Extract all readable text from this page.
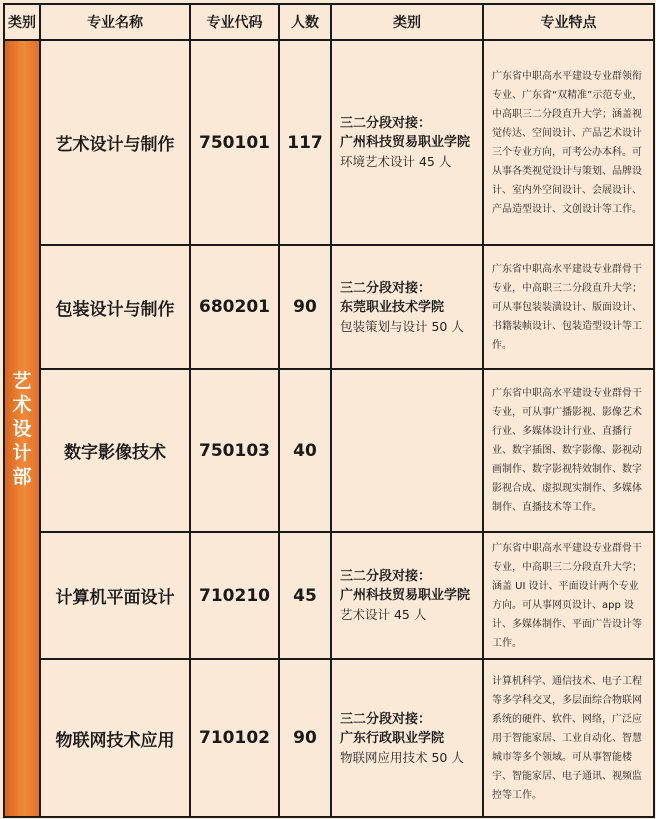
类别	专业名称	专业代码	人数	类别	专业特点

艺术设计部	艺术设计与制作	750101	117	三二分段对接：
广州科技贸易职业学院
环境艺术设计 45 人	广东省中职高水平建设专业群领衔专业、广东省“双精准”示范专业，中高职三二分段直升大学；涵盖视觉传达、空间设计、产品艺术设计三个专业方向，可考公办本科。可从事各类视觉设计与策划、品牌设计、室内外空间设计、会展设计、产品造型设计、文创设计等工作。
	包装设计与制作	680201	90	三二分段对接：
东莞职业技术学院
包装策划与设计 50 人	广东省中职高水平建设专业群骨干专业，中高职三二分段直升大学；可从事包装装潢设计、版面设计、书籍装帧设计、包装造型设计等工作。
	数字影像技术	750103	40		广东省中职高水平建设专业群骨干专业，可从事广播影视、影像艺术行业、多媒体设计行业、直播行业、数字插图、数字影像、影视动画制作、数字影视特效制作、数字影视合成、虚拟现实制作、多媒体制作、直播技术等工作。
	计算机平面设计	710210	45	三二分段对接：
广州科技贸易职业学院
艺术设计 45 人	广东省中职高水平建设专业群骨干专业，中高职三二分段直升大学；涵盖 UI 设计、平面设计两个专业方向。可从事网页设计、app 设计、多媒体制作、平面广告设计等工作。
	物联网技术应用	710102	90	三二分段对接：
广东行政职业学院
物联网应用技术 50 人	计算机科学、通信技术、电子工程等多学科交叉，多层面综合物联网系统的硬件、软件、网络，广泛应用于智能家居、工业自动化、智慧城市等多个领域。可从事智能楼宇、智能家居、电子通讯、视频监控等工作。
